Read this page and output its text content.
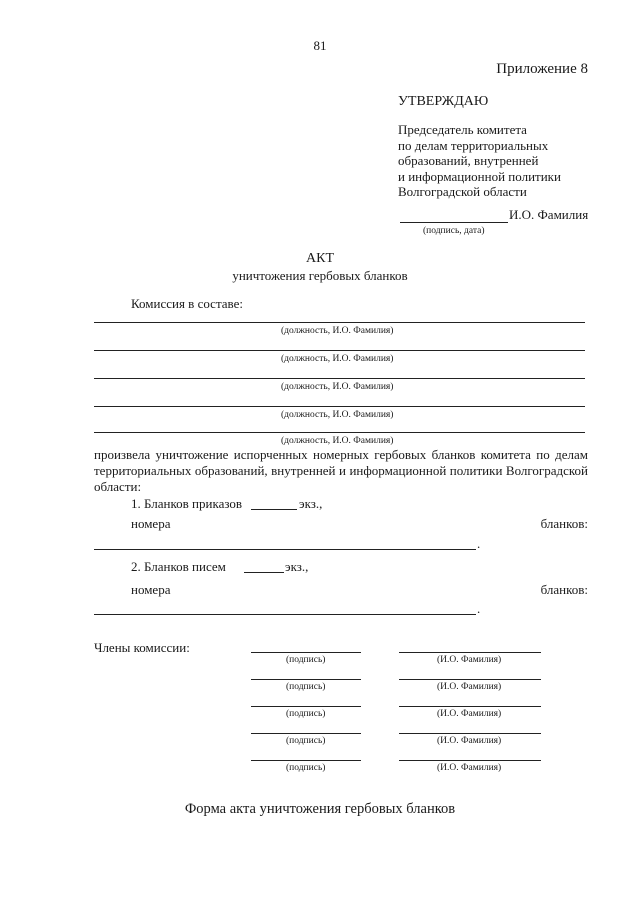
81
Приложение 8
УТВЕРЖДАЮ
Председатель комитета
по делам территориальных
образований, внутренней
и информационной политики
Волгоградской области
И.О. Фамилия
(подпись, дата)
АКТ
уничтожения гербовых бланков
Комиссия в составе:
(должность, И.О. Фамилия)
(должность, И.О. Фамилия)
(должность, И.О. Фамилия)
(должность, И.О. Фамилия)
(должность, И.О. Фамилия)
произвела уничтожение испорченных номерных гербовых бланков комитета по делам территориальных образований, внутренней и информационной политики Волгоградской области:
1. Бланков приказов	экз.,
номера	бланков:
.
2. Бланков писем	экз.,
номера	бланков:
.
Члены комиссии:
(подпись)	(И.О. Фамилия)
(подпись)	(И.О. Фамилия)
(подпись)	(И.О. Фамилия)
(подпись)	(И.О. Фамилия)
(подпись)	(И.О. Фамилия)
Форма акта уничтожения гербовых бланков
